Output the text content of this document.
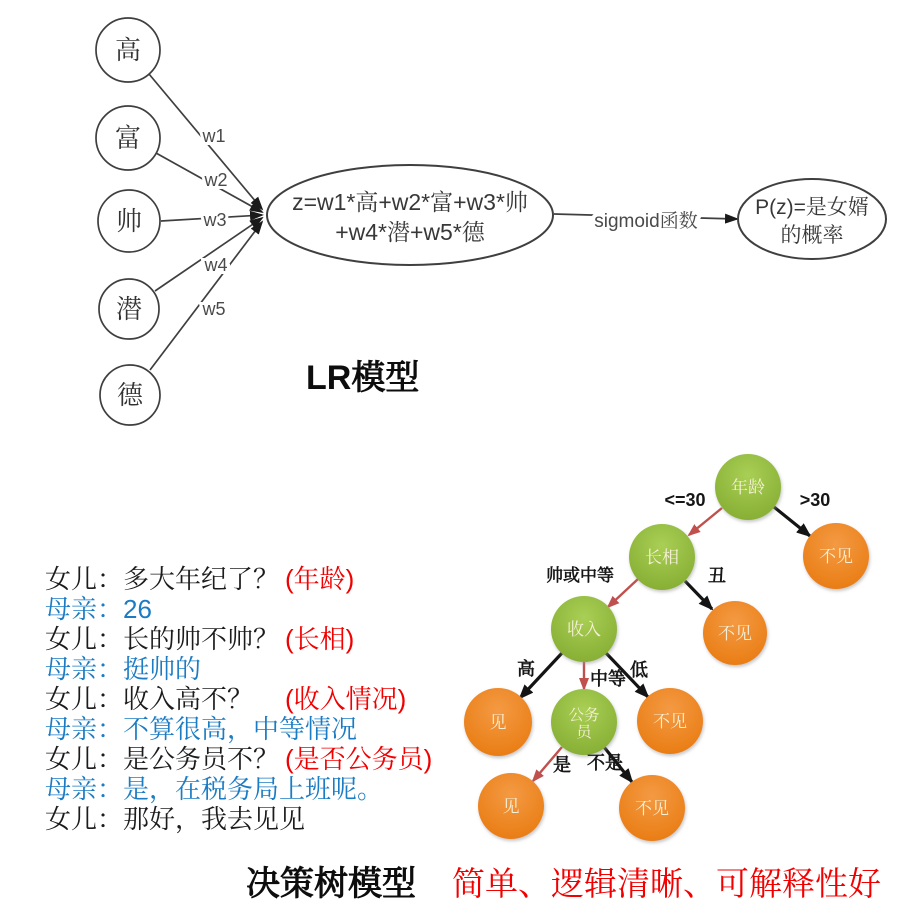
高
富
帅
潜
德
w1
w2
w3
w4
w5
z=w1*高+w2*富+w3*帅
+w4*潜+w5*德	sigmoid函数
P(z)=是女婿
的概率
LR模型
女儿：多大年纪了？ (年龄)
母亲：26
女儿：长的帅不帅？ (长相)
母亲：挺帅的
女儿：收入高不？	(收入情况)
母亲：不算很高，中等情况
女儿：是公务员不？ (是否公务员)
母亲：是，在税务局上班呢。
女儿：那好，我去见见
年龄
长相
收入
公务
员
不见
不见
见	不见
见	不见
<=30	>30
帅或中等	丑
高	中等 低
是 不是
决策树模型 简单、逻辑清晰、可解释性好
